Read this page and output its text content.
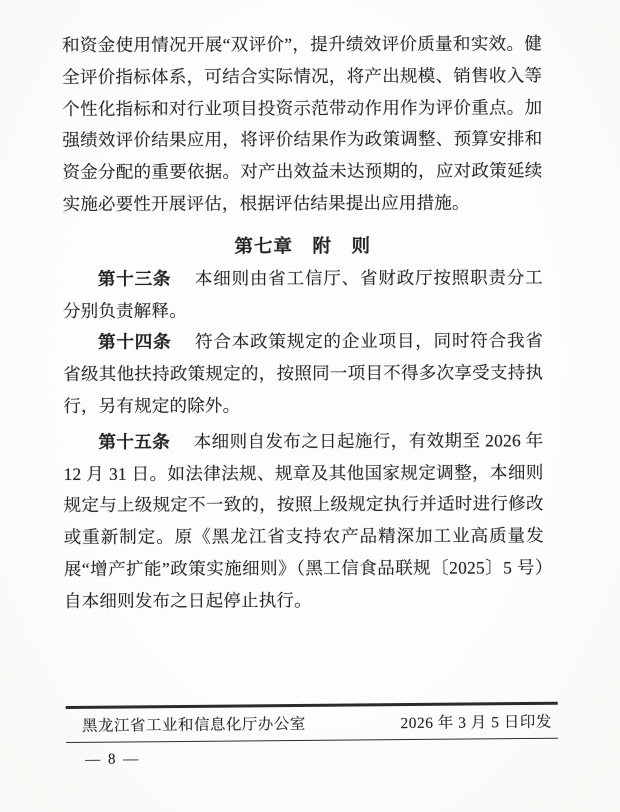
和资金使用情况开展“双评价”，提升绩效评价质量和实效。健全评价指标体系，可结合实际情况，将产出规模、销售收入等个性化指标和对行业项目投资示范带动作用作为评价重点。加强绩效评价结果应用，将评价结果作为政策调整、预算安排和资金分配的重要依据。对产出效益未达预期的，应对政策延续实施必要性开展评估，根据评估结果提出应用措施。

第七章　附　则

第十三条 本细则由省工信厅、省财政厅按照职责分工分别负责解释。

第十四条 符合本政策规定的企业项目，同时符合我省省级其他扶持政策规定的，按照同一项目不得多次享受支持执行，另有规定的除外。

第十五条 本细则自发布之日起施行，有效期至 2026 年 12 月 31 日。如法律法规、规章及其他国家规定调整，本细则规定与上级规定不一致的，按照上级规定执行并适时进行修改或重新制定。原《黑龙江省支持农产品精深加工业高质量发展“增产扩能”政策实施细则》（黑工信食品联规〔2025〕5 号）自本细则发布之日起停止执行。

黑龙江省工业和信息化厅办公室	2026 年 3 月 5 日印发
— 8 —
